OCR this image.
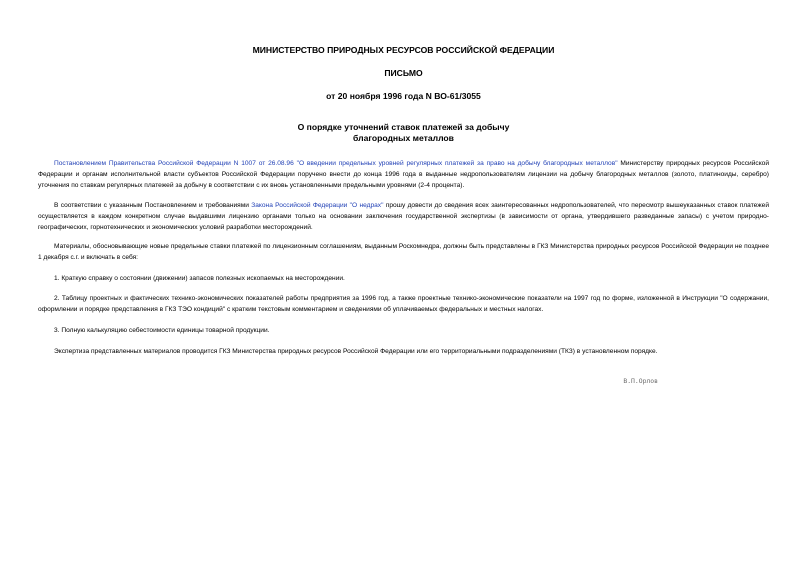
МИНИСТЕРСТВО ПРИРОДНЫХ РЕСУРСОВ РОССИЙСКОЙ ФЕДЕРАЦИИ
ПИСЬМО
от 20 ноября 1996 года N ВО-61/3055
О порядке уточнений ставок платежей за добычу
благородных металлов

Постановлением Правительства Российской Федерации N 1007 от 26.08.96 "О введении предельных уровней регулярных платежей за право на добычу благородных металлов" Министерству природных ресурсов Российской Федерации и органам исполнительной власти субъектов Российской Федерации поручено внести до конца 1996 года в выданные недропользователям лицензии на добычу благородных металлов (золото, платиноиды, серебро) уточнения по ставкам регулярных платежей за добычу в соответствии с их вновь установленными предельными уровнями (2-4 процента).

В соответствии с указанным Постановлением и требованиями Закона Российской Федерации "О недрах" прошу довести до сведения всех заинтересованных недропользователей, что пересмотр вышеуказанных ставок платежей осуществляется в каждом конкретном случае выдавшими лицензию органами только на основании заключения государственной экспертизы (в зависимости от органа, утвердившего разведанные запасы) с учетом природно-географических, горнотехнических и экономических условий разработки месторождений.

Материалы, обосновывающие новые предельные ставки платежей по лицензионным соглашениям, выданным Роскомнедра, должны быть представлены в ГКЗ Министерства природных ресурсов Российской Федерации не позднее 1 декабря с.г. и включать в себя:

1. Краткую справку о состоянии (движении) запасов полезных ископаемых на месторождении.

2. Таблицу проектных и фактических технико-экономических показателей работы предприятия за 1996 год, а также проектные технико-экономические показатели на 1997 год по форме, изложенной в Инструкции "О содержании, оформлении и порядке представления в ГКЗ ТЭО кондиций" с кратким текстовым комментарием и сведениями об уплачиваемых федеральных и местных налогах.

3. Полную калькуляцию себестоимости единицы товарной продукции.

Экспертиза представленных материалов проводится ГКЗ Министерства природных ресурсов Российской Федерации или его территориальными подразделениями (ТКЗ) в установленном порядке.

В.П.Орлов
